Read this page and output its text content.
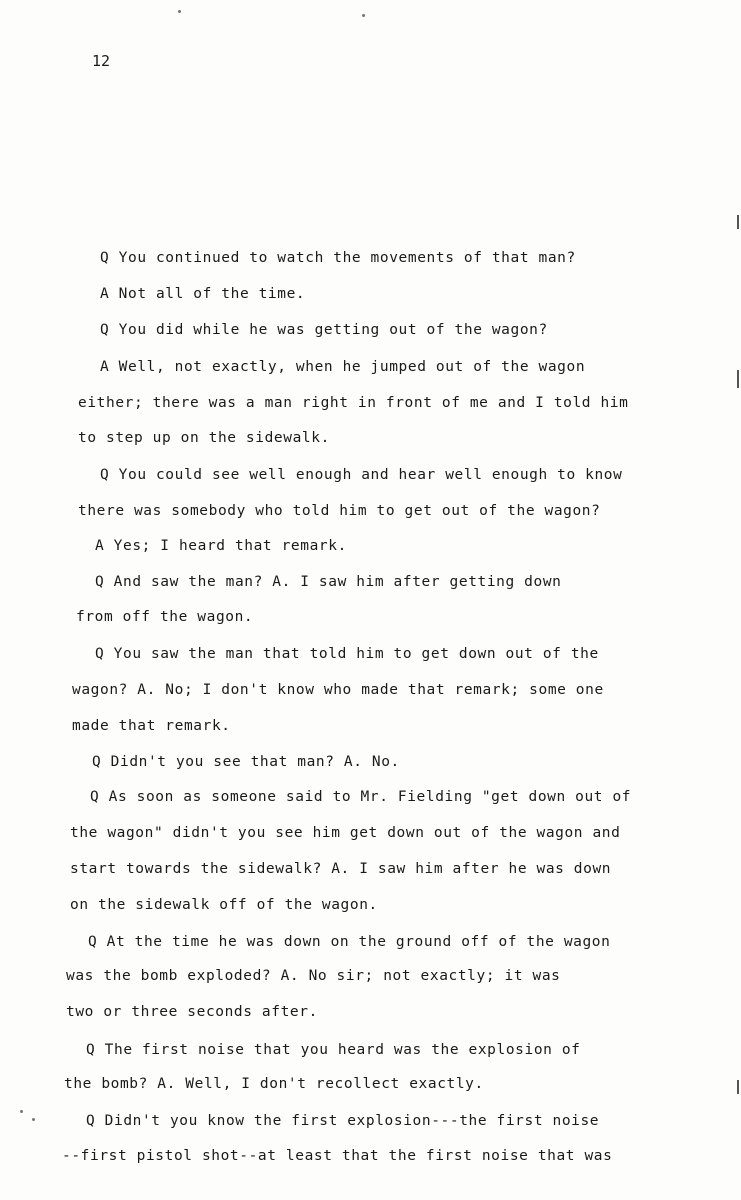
12
Q You continued to watch the movements of that man?
A Not all of the time.
Q You did while he was getting out of the wagon?
A Well, not exactly, when he jumped out of the wagon
either; there was a man right in front of me and I told him
to step up on the sidewalk.
Q You could see well enough and hear well enough to know
there was somebody who told him to get out of the wagon?
A Yes; I heard that remark.
Q And saw the man? A. I saw him after getting down
from off the wagon.
Q You saw the man that told him to get down out of the
wagon? A. No; I don't know who made that remark; some one
made that remark.
Q Didn't you see that man? A. No.
Q As soon as someone said to Mr. Fielding "get down out of
the wagon" didn't you see him get down out of the wagon and
start towards the sidewalk? A. I saw him after he was down
on the sidewalk off of the wagon.
Q At the time he was down on the ground off of the wagon
was the bomb exploded? A. No sir; not exactly; it was
two or three seconds after.
Q The first noise that you heard was the explosion of
the bomb? A. Well, I don't recollect exactly.
Q Didn't you know the first explosion---the first noise
--first pistol shot--at least that the first noise that was
